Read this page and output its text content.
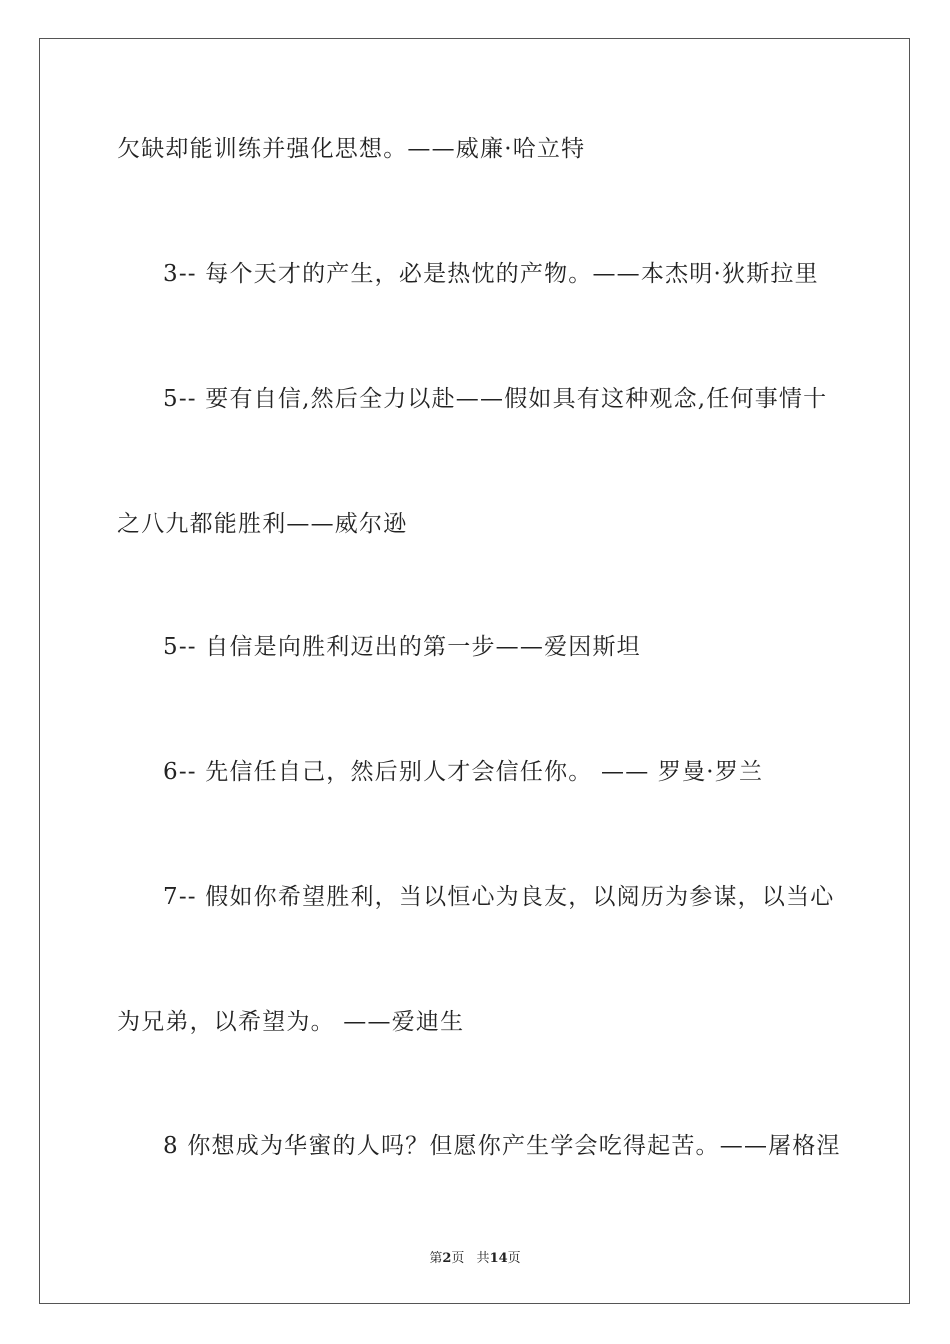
欠缺却能训练并强化思想。——威廉·哈立特
3-- 每个天才的产生，必是热忱的产物。——本杰明·狄斯拉里
5-- 要有自信,然后全力以赴——假如具有这种观念,任何事情十
之八九都能胜利——威尔逊
5-- 自信是向胜利迈出的第一步——爱因斯坦
6-- 先信任自己，然后别人才会信任你。 —— 罗曼·罗兰
7-- 假如你希望胜利，当以恒心为良友，以阅历为参谋，以当心
为兄弟，以希望为。 ——爱迪生
8 你想成为华蜜的人吗？但愿你产生学会吃得起苦。——屠格涅
第2页 共14页
